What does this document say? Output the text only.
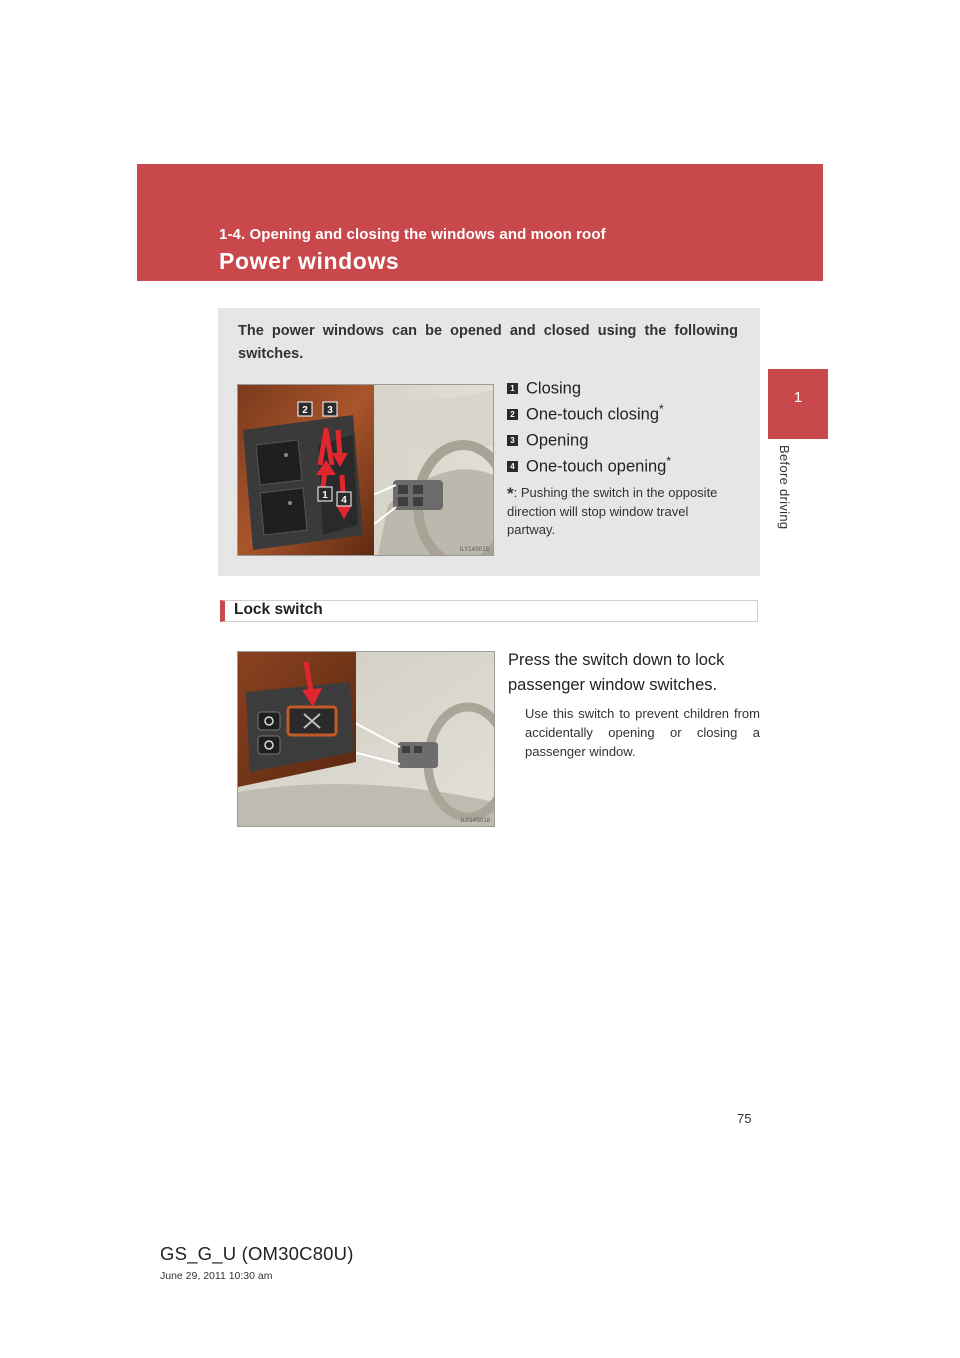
1-4. Opening and closing the windows and moon roof
Power windows
1
Before driving
The power windows can be opened and closed using the following switches.
2 3
1 4
ILY14S015
1 Closing
2 One-touch closing*
3 Opening
4 One-touch opening*
*: Pushing the switch in the opposite direction will stop window travel partway.
Lock switch
ILY14S018
Press the switch down to lock passenger window switches.
Use this switch to prevent children from accidentally opening or closing a passenger window.
75
GS_G_U (OM30C80U)
June 29, 2011 10:30 am
